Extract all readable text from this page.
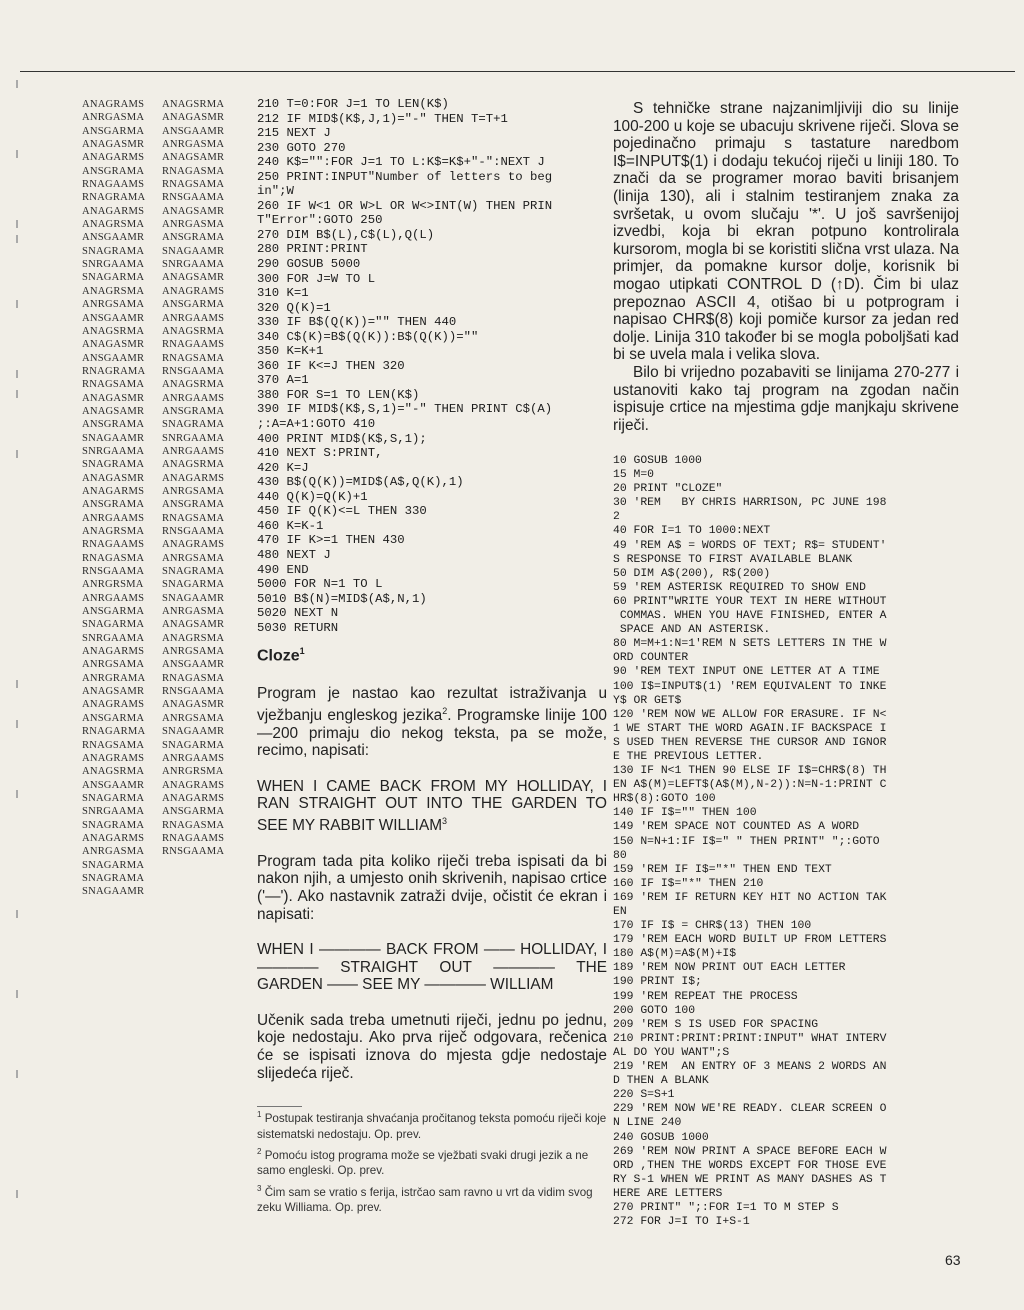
ANAGRAMS
ANRGASMA
ANSGARMA
ANAGASMR
ANAGARMS
ANSGRAMA
RNAGAAMS
RNAGRAMA
ANAGARMS
ANAGRSMA
ANSGAAMR
SNAGRAMA
SNRGAAMA
SNAGARMA
ANAGRSMA
ANRGSAMA
ANSGAAMR
ANAGSRMA
ANAGASMR
ANSGAAMR
RNAGRAMA
RNAGSAMA
ANAGASMR
ANAGSAMR
ANSGRAMA
SNAGAAMR
SNRGAAMA
SNAGRAMA
ANAGASMR
ANAGARMS
ANSGRAMA
ANRGAAMS
ANAGRSMA
RNAGAAMS
RNAGASMA
RNSGAAMA
ANRGRSMA
ANRGAAMS
ANSGARMA
SNAGARMA
SNRGAAMA
ANAGARMS
ANRGSAMA
ANRGRAMA
ANAGSAMR
ANAGRAMS
ANSGARMA
RNAGARMA
RNAGSAMA
ANAGRAMS
ANAGSRMA
ANSGAAMR
SNAGARMA
SNRGAAMA
SNAGRAMA
ANAGARMS
ANRGASMA
SNAGARMA
SNAGRAMA
SNAGAAMR
ANAGSRMA
ANAGASMR
ANSGAAMR
ANRGASMA
ANAGSAMR
RNAGASMA
RNAGSAMA
RNSGAAMA
ANAGSAMR
ANRGASMA
ANSGRAMA
SNAGAAMR
SNRGAAMA
ANAGSAMR
ANAGRAMS
ANSGARMA
ANRGAAMS
ANAGSRMA
RNAGAAMS
RNAGSAMA
RNSGAAMA
ANAGSRMA
ANRGAAMS
ANSGRAMA
SNAGRAMA
SNRGAAMA
ANRGAAMS
ANAGSRMA
ANAGARMS
ANRGSAMA
ANSGRAMA
RNAGSAMA
RNSGAAMA
ANAGRAMS
ANRGSAMA
SNAGRAMA
SNAGARMA
SNAGAAMR
ANRGASMA
ANAGSAMR
ANAGRSMA
ANRGSAMA
ANSGAAMR
RNAGASMA
RNSGAAMA
ANAGASMR
ANRGSAMA
SNAGAAMR
SNAGARMA
ANRGAAMS
ANRGRSMA
ANAGRAMS
ANAGARMS
ANSGARMA
RNAGASMA
RNAGAAMS
RNSGAAMA
210 T=0:FOR J=1 TO LEN(K$)
212 IF MID$(K$,J,1)="-" THEN T=T+1
215 NEXT J
230 GOTO 270
240 K$="":FOR J=1 TO L:K$=K$+"-":NEXT J
250 PRINT:INPUT"Number of letters to beg
in";W
260 IF W<1 OR W>L OR W<>INT(W) THEN PRIN
T"Error":GOTO 250
270 DIM B$(L),C$(L),Q(L)
280 PRINT:PRINT
290 GOSUB 5000
300 FOR J=W TO L
310 K=1
320 Q(K)=1
330 IF B$(Q(K))="" THEN 440
340 C$(K)=B$(Q(K)):B$(Q(K))=""
350 K=K+1
360 IF K<=J THEN 320
370 A=1
380 FOR S=1 TO LEN(K$)
390 IF MID$(K$,S,1)="-" THEN PRINT C$(A)
;:A=A+1:GOTO 410
400 PRINT MID$(K$,S,1);
410 NEXT S:PRINT,
420 K=J
430 B$(Q(K))=MID$(A$,Q(K),1)
440 Q(K)=Q(K)+1
450 IF Q(K)<=L THEN 330
460 K=K-1
470 IF K>=1 THEN 430
480 NEXT J
490 END
5000 FOR N=1 TO L
5010 B$(N)=MID$(A$,N,1)
5020 NEXT N
5030 RETURN
Cloze$^1$

Program je nastao kao rezultat istraživanja u vježbanju engleskog jezika$^2$. Programske linije 100—200 primaju dio nekog teksta, pa se može, recimo, napisati:

WHEN I CAME BACK FROM MY HOLLIDAY, I RAN STRAIGHT OUT INTO THE GARDEN TO SEE MY RABBIT WILLIAM$^3$

Program tada pita koliko riječi treba ispisati da bi nakon njih, a umjesto onih skrivenih, napisao crtice ('—'). Ako nastavnik zatraži dvije, očistit će ekran i napisati:

WHEN I ———— BACK FROM —— HOLLIDAY, I ———— STRAIGHT OUT ———— THE GARDEN —— SEE MY ———— WILLIAM

Učenik sada treba umetnuti riječi, jednu po jednu, koje nedostaju. Ako prva riječ odgovara, rečenica će se ispisati iznova do mjesta gdje nedostaje slijedeća riječ.

$^1$ Postupak testiranja shvaćanja pročitanog teksta pomoću riječi koje sistematski nedostaju. Op. prev.

$^2$ Pomoću istog programa može se vježbati svaki drugi jezik a ne samo engleski. Op. prev.

$^3$ Čim sam se vratio s ferija, istrčao sam ravno u vrt da vidim svog zeku Williama. Op. prev.

S tehničke strane najzanimljiviji dio su linije 100-200 u koje se ubacuju skrivene riječi. Slova se pojedinačno primaju s tastature naredbom I$=INPUT$(1) i dodaju tekućoj riječi u liniji 180. To znači da se programer morao baviti brisanjem (linija 130), ali i stalnim testiranjem znaka za svršetak, u ovom slučaju '*'. U još savršenijoj izvedbi, koja bi ekran potpuno kontrolirala kursorom, mogla bi se koristiti slična vrst ulaza. Na primjer, da pomakne kursor dolje, korisnik bi mogao utipkati CONTROL D (↑D). Čim bi ulaz prepoznao ASCII 4, otišao bi u potprogram i napisao CHR$(8) koji pomiče kursor za jedan red dolje. Linija 310 također bi se mogla poboljšati kad bi se uvela mala i velika slova.

Bilo bi vrijedno pozabaviti se linijama 270-277 i ustanoviti kako taj program na zgodan način ispisuje crtice na mjestima gdje manjkaju skrivene riječi.

10 GOSUB 1000
15 M=0
20 PRINT "CLOZE"
30 'REM   BY CHRIS HARRISON, PC JUNE 198
2
40 FOR I=1 TO 1000:NEXT
49 'REM A$ = WORDS OF TEXT; R$= STUDENT'
S RESPONSE TO FIRST AVAILABLE BLANK
50 DIM A$(200), R$(200)
59 'REM ASTERISK REQUIRED TO SHOW END
60 PRINT"WRITE YOUR TEXT IN HERE WITHOUT
COMMAS. WHEN YOU HAVE FINISHED, ENTER A
SPACE AND AN ASTERISK.
80 M=M+1:N=1'REM N SETS LETTERS IN THE W
ORD COUNTER
90 'REM TEXT INPUT ONE LETTER AT A TIME
100 I$=INPUT$(1) 'REM EQUIVALENT TO INKE
Y$ OR GET$
120 'REM NOW WE ALLOW FOR ERASURE. IF N<
1 WE START THE WORD AGAIN.IF BACKSPACE I
S USED THEN REVERSE THE CURSOR AND IGNOR
E THE PREVIOUS LETTER.
130 IF N<1 THEN 90 ELSE IF I$=CHR$(8) TH
EN A$(M)=LEFT$(A$(M),N-2)):N=N-1:PRINT C
HR$(8):GOTO 100
140 IF I$="" THEN 100
149 'REM SPACE NOT COUNTED AS A WORD
150 N=N+1:IF I$=" " THEN PRINT" ";:GOTO
80
159 'REM IF I$="*" THEN END TEXT
160 IF I$="*" THEN 210
169 'REM IF RETURN KEY HIT NO ACTION TAK
EN
170 IF I$ = CHR$(13) THEN 100
179 'REM EACH WORD BUILT UP FROM LETTERS
180 A$(M)=A$(M)+I$
189 'REM NOW PRINT OUT EACH LETTER
190 PRINT I$;
199 'REM REPEAT THE PROCESS
200 GOTO 100
209 'REM S IS USED FOR SPACING
210 PRINT:PRINT:PRINT:INPUT" WHAT INTERV
AL DO YOU WANT";S
219 'REM  AN ENTRY OF 3 MEANS 2 WORDS AN
D THEN A BLANK
220 S=S+1
229 'REM NOW WE'RE READY. CLEAR SCREEN O
N LINE 240
240 GOSUB 1000
269 'REM NOW PRINT A SPACE BEFORE EACH W
ORD ,THEN THE WORDS EXCEPT FOR THOSE EVE
RY S-1 WHEN WE PRINT AS MANY DASHES AS T
HERE ARE LETTERS
270 PRINT" ";:FOR I=1 TO M STEP S
272 FOR J=I TO I+S-1
63
